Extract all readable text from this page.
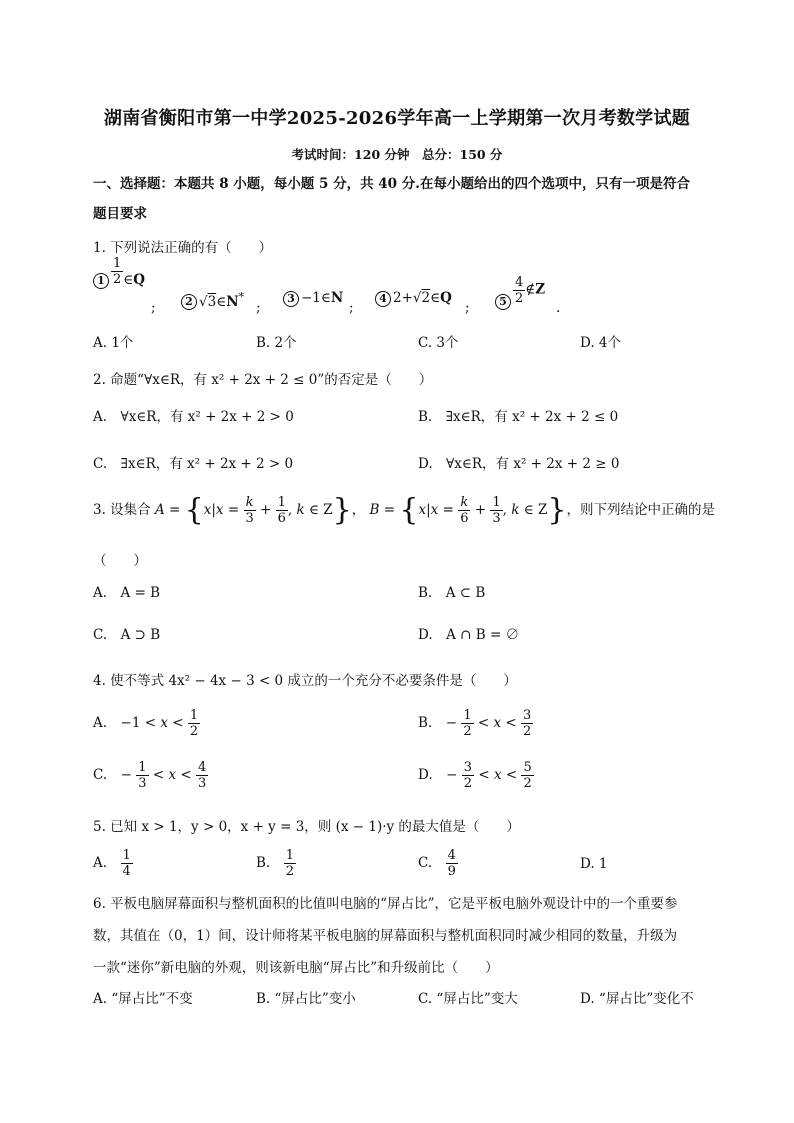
湖南省衡阳市第一中学2025-2026学年高一上学期第一次月考数学试题
考试时间：120 分钟　总分：150 分
一、选择题：本题共 8 小题，每小题 5 分，共 40 分.在每小题给出的四个选项中，只有一项是符合
题目要求
1. 下列说法正确的有（　　）
$1 \frac{1}{2}$ ∈Q
;	2 √3∈N*
;
3 −1∈N
;
4 2+√2∈Q
;	$5 \frac{4}{2}$ ∉Z
.
A. 1个	B. 2个	C. 3个	D. 4个
2. 命题“∀x∈R，有 x² + 2x + 2 ≤ 0”的否定是（　　）
A.　∀x∈R，有 x² + 2x + 2 > 0	B.　∃x∈R，有 x² + 2x + 2 ≤ 0
C.　∃x∈R，有 x² + 2x + 2 > 0	D.　∀x∈R，有 x² + 2x + 2 ≥ 0
3. 设集合 $A = \{x|x = \frac{k}{3} + \frac{1}{6}$ , k ∈ Z}， $B = \{x|x = \frac{k}{6} + \frac{1}{3}$ , k ∈ Z}，则下列结论中正确的是
（　　）
A.　A = B	B.　A ⊂ B
C.　A ⊃ B	D.　A ∩ B = ∅
4. 使不等式 4x² − 4x − 3 < 0 成立的一个充分不必要条件是（　　）
A.　$-1 < x < \frac{1}{2}$	B.　− $\frac{1}{2} < x < \frac{3}{2}$
C.　− $\frac{1}{3} < x < \frac{4}{3}$	D.　− $\frac{3}{2} < x < \frac{5}{2}$
5. 已知 x > 1，y > 0，x + y = 3，则 (x − 1)·y 的最大值是（　　）
A.　 $\frac{1}{4}$	B.　 $\frac{1}{2}$	C.　 $\frac{4}{9}$	D. 1
6. 平板电脑屏幕面积与整机面积的比值叫电脑的“屏占比”，它是平板电脑外观设计中的一个重要参
数，其值在（0，1）间，设计师将某平板电脑的屏幕面积与整机面积同时减少相同的数量，升级为
一款“迷你”新电脑的外观，则该新电脑“屏占比”和升级前比（　　）
A. “屏占比”不变	B. “屏占比”变小	C. “屏占比”变大	D. “屏占比”变化不
